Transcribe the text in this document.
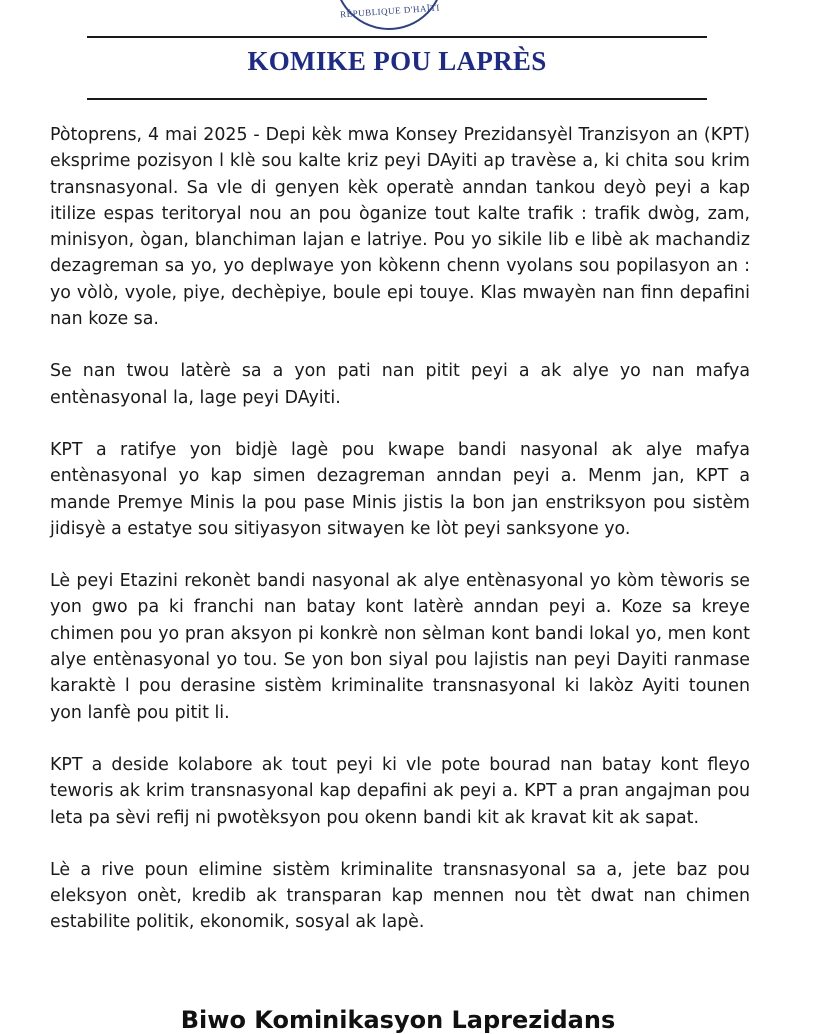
RÉPUBLIQUE D'HAÏTI
KOMIKE POU LAPRÈS

Pòtoprens, 4 mai 2025 - Depi kèk mwa Konsey Prezidansyèl Tranzisyon an (KPT) eksprime pozisyon l klè sou kalte kriz peyi DAyiti ap travèse a, ki chita sou krim transnasyonal. Sa vle di genyen kèk operatè anndan tankou deyò peyi a kap itilize espas teritoryal nou an pou òganize tout kalte trafik : trafik dwòg, zam, minisyon, ògan, blanchiman lajan e latriye. Pou yo sikile lib e libè ak machandiz dezagreman sa yo, yo deplwaye yon kòkenn chenn vyolans sou popilasyon an : yo vòlò, vyole, piye, dechèpiye, boule epi touye. Klas mwayèn nan finn depafini nan koze sa.

Se nan twou latèrè sa a yon pati nan pitit peyi a ak alye yo nan mafya entènasyonal la, lage peyi DAyiti.

KPT a ratifye yon bidjè lagè pou kwape bandi nasyonal ak alye mafya entènasyonal yo kap simen dezagreman anndan peyi a. Menm jan, KPT a mande Premye Minis la pou pase Minis jistis la bon jan enstriksyon pou sistèm jidisyè a estatye sou sitiyasyon sitwayen ke lòt peyi sanksyone yo.

Lè peyi Etazini rekonèt bandi nasyonal ak alye entènasyonal yo kòm tèworis se yon gwo pa ki franchi nan batay kont latèrè anndan peyi a. Koze sa kreye chimen pou yo pran aksyon pi konkrè non sèlman kont bandi lokal yo, men kont alye entènasyonal yo tou. Se yon bon siyal pou lajistis nan peyi Dayiti ranmase karaktè l pou derasine sistèm kriminalite transnasyonal ki lakòz Ayiti tounen yon lanfè pou pitit li.

KPT a deside kolabore ak tout peyi ki vle pote bourad nan batay kont fleyo teworis ak krim transnasyonal kap depafini ak peyi a. KPT a pran angajman pou leta pa sèvi refij ni pwotèksyon pou okenn bandi kit ak kravat kit ak sapat.

Lè a rive poun elimine sistèm kriminalite transnasyonal sa a, jete baz pou eleksyon onèt, kredib ak transparan kap mennen nou tèt dwat nan chimen estabilite politik, ekonomik, sosyal ak lapè.

Biwo Kominikasyon Laprezidans
